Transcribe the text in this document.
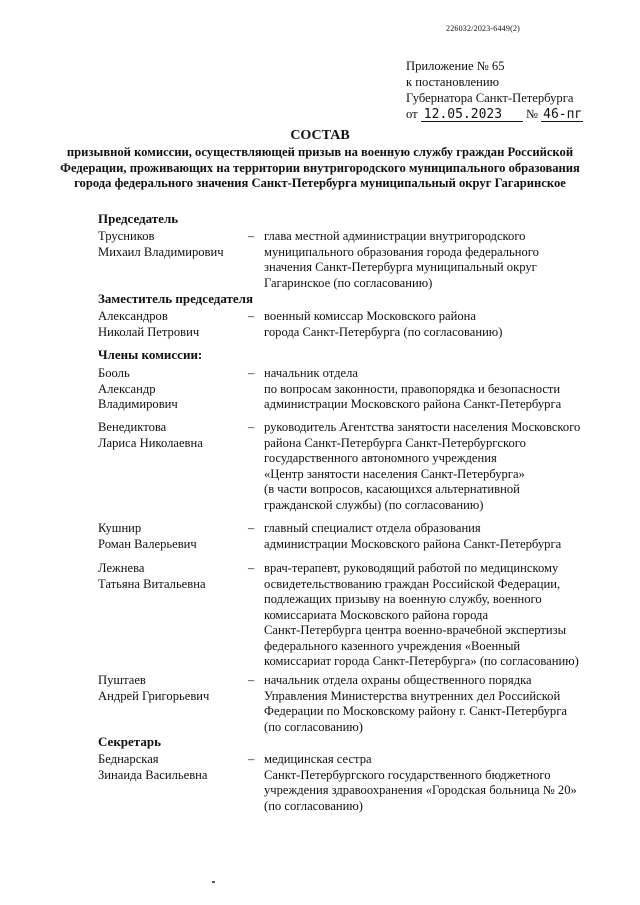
226032/2023-6449(2)
Приложение № 65
к постановлению
Губернатора Санкт-Петербурга
от 12.05.2023 № 46-пг
СОСТАВ
призывной комиссии, осуществляющей призыв на военную службу граждан Российской Федерации, проживающих на территории внутригородского муниципального образования города федерального значения Санкт-Петербурга муниципальный округ Гагаринское
Председатель
Трусников
Михаил Владимирович
– глава местной администрации внутригородского
муниципального образования города федерального
значения Санкт-Петербурга муниципальный округ
Гагаринское (по согласованию)
Заместитель председателя
Александров
Николай Петрович
– военный комиссар Московского района
города Санкт-Петербурга (по согласованию)
Члены комиссии:
Бооль
Александр
Владимирович
– начальник отдела
по вопросам законности, правопорядка и безопасности
администрации Московского района Санкт-Петербурга
Венедиктова
Лариса Николаевна
– руководитель Агентства занятости населения Московского
района Санкт-Петербурга Санкт-Петербургского
государственного автономного учреждения
«Центр занятости населения Санкт-Петербурга»
(в части вопросов, касающихся альтернативной
гражданской службы) (по согласованию)
Кушнир
Роман Валерьевич
– главный специалист отдела образования
администрации Московского района Санкт-Петербурга
Лежнева
Татьяна Витальевна
– врач-терапевт, руководящий работой по медицинскому
освидетельствованию граждан Российской Федерации,
подлежащих призыву на военную службу, военного
комиссариата Московского района города
Санкт-Петербурга центра военно-врачебной экспертизы
федерального казенного учреждения «Военный
комиссариат города Санкт-Петербурга» (по согласованию)
Пуштаев
Андрей Григорьевич
– начальник отдела охраны общественного порядка
Управления Министерства внутренних дел Российской
Федерации по Московскому району г. Санкт-Петербурга
(по согласованию)
Секретарь
Беднарская
Зинаида Васильевна
– медицинская сестра
Санкт-Петербургского государственного бюджетного
учреждения здравоохранения «Городская больница № 20»
(по согласованию)
